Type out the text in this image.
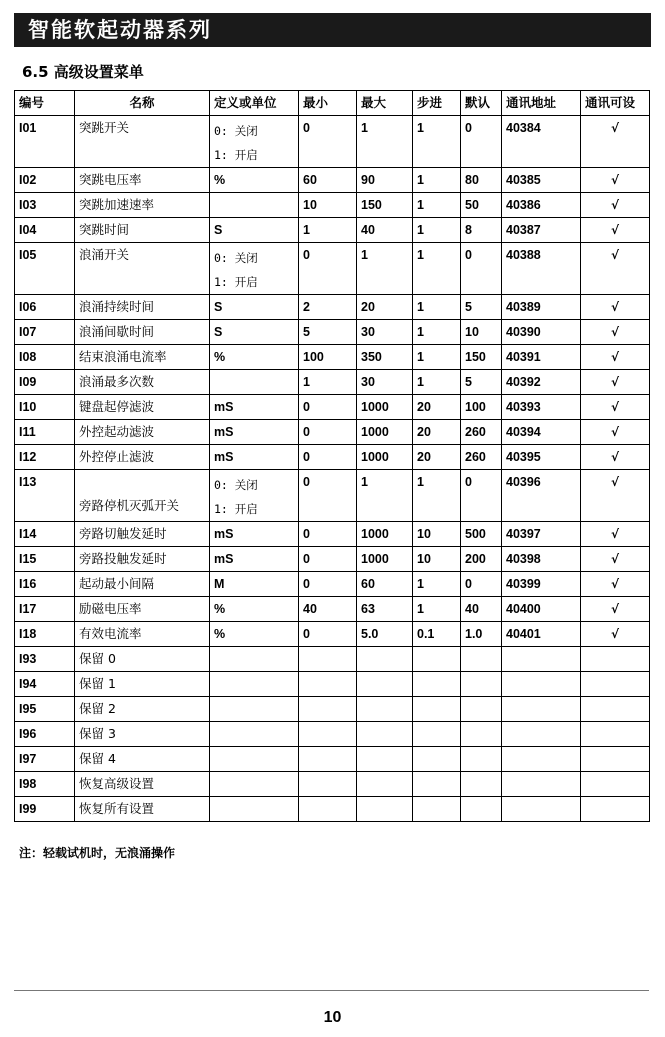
智能软起动器系列
6.5 高级设置菜单
编号	名称	定义或单位	最小	最大	步进	默认	通讯地址	通讯可设
I01	突跳开关	0: 关闭
1: 开启	0	1	1	0	40384	√
I02	突跳电压率	%	60	90	1	80	40385	√
I03	突跳加速速率		10	150	1	50	40386	√
I04	突跳时间	S	1	40	1	8	40387	√
I05	浪涌开关	0: 关闭
1: 开启	0	1	1	0	40388	√
I06	浪涌持续时间	S	2	20	1	5	40389	√
I07	浪涌间歇时间	S	5	30	1	10	40390	√
I08	结束浪涌电流率	%	100	350	1	150	40391	√
I09	浪涌最多次数		1	30	1	5	40392	√
I10	键盘起停滤波	mS	0	1000	20	100	40393	√
I11	外控起动滤波	mS	0	1000	20	260	40394	√
I12	外控停止滤波	mS	0	1000	20	260	40395	√
I13	旁路停机灭弧开关	0: 关闭
1: 开启	0	1	1	0	40396	√
I14	旁路切触发延时	mS	0	1000	10	500	40397	√
I15	旁路投触发延时	mS	0	1000	10	200	40398	√
I16	起动最小间隔	M	0	60	1	0	40399	√
I17	励磁电压率	%	40	63	1	40	40400	√
I18	有效电流率	%	0	5.0	0.1	1.0	40401	√
I93	保留 0							
I94	保留 1							
I95	保留 2							
I96	保留 3							
I97	保留 4							
I98	恢复高级设置							
I99	恢复所有设置							
注：轻载试机时，无浪涌操作
10
